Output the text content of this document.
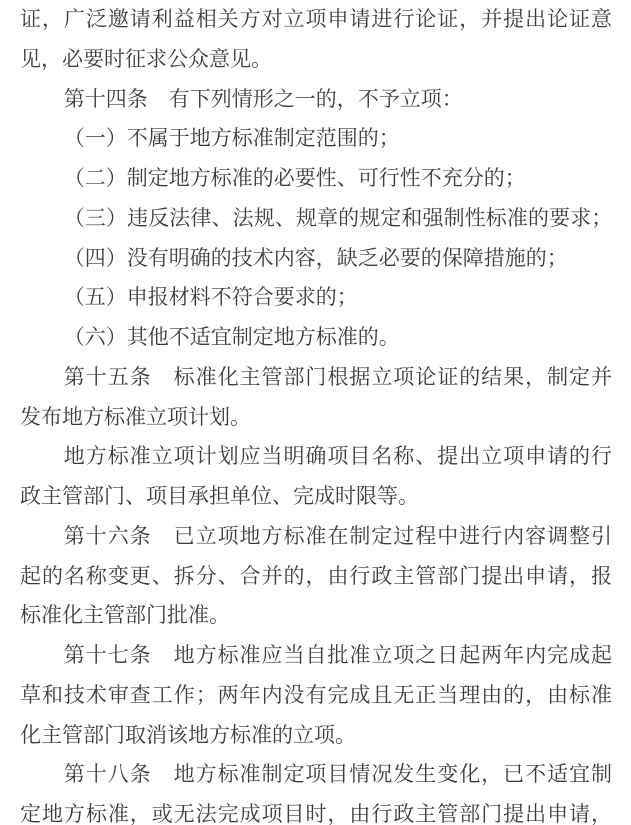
证，广泛邀请利益相关方对立项申请进行论证，并提出论证意
见，必要时征求公众意见。
第十四条　有下列情形之一的，不予立项：
（一）不属于地方标准制定范围的；
（二）制定地方标准的必要性、可行性不充分的；
（三）违反法律、法规、规章的规定和强制性标准的要求；
（四）没有明确的技术内容，缺乏必要的保障措施的；
（五）申报材料不符合要求的；
（六）其他不适宜制定地方标准的。
第十五条　标准化主管部门根据立项论证的结果，制定并
发布地方标准立项计划。
地方标准立项计划应当明确项目名称、提出立项申请的行
政主管部门、项目承担单位、完成时限等。
第十六条　已立项地方标准在制定过程中进行内容调整引
起的名称变更、拆分、合并的，由行政主管部门提出申请，报
标准化主管部门批准。
第十七条　地方标准应当自批准立项之日起两年内完成起
草和技术审查工作；两年内没有完成且无正当理由的，由标准
化主管部门取消该地方标准的立项。
第十八条　地方标准制定项目情况发生变化，已不适宜制
定地方标准，或无法完成项目时，由行政主管部门提出申请，
